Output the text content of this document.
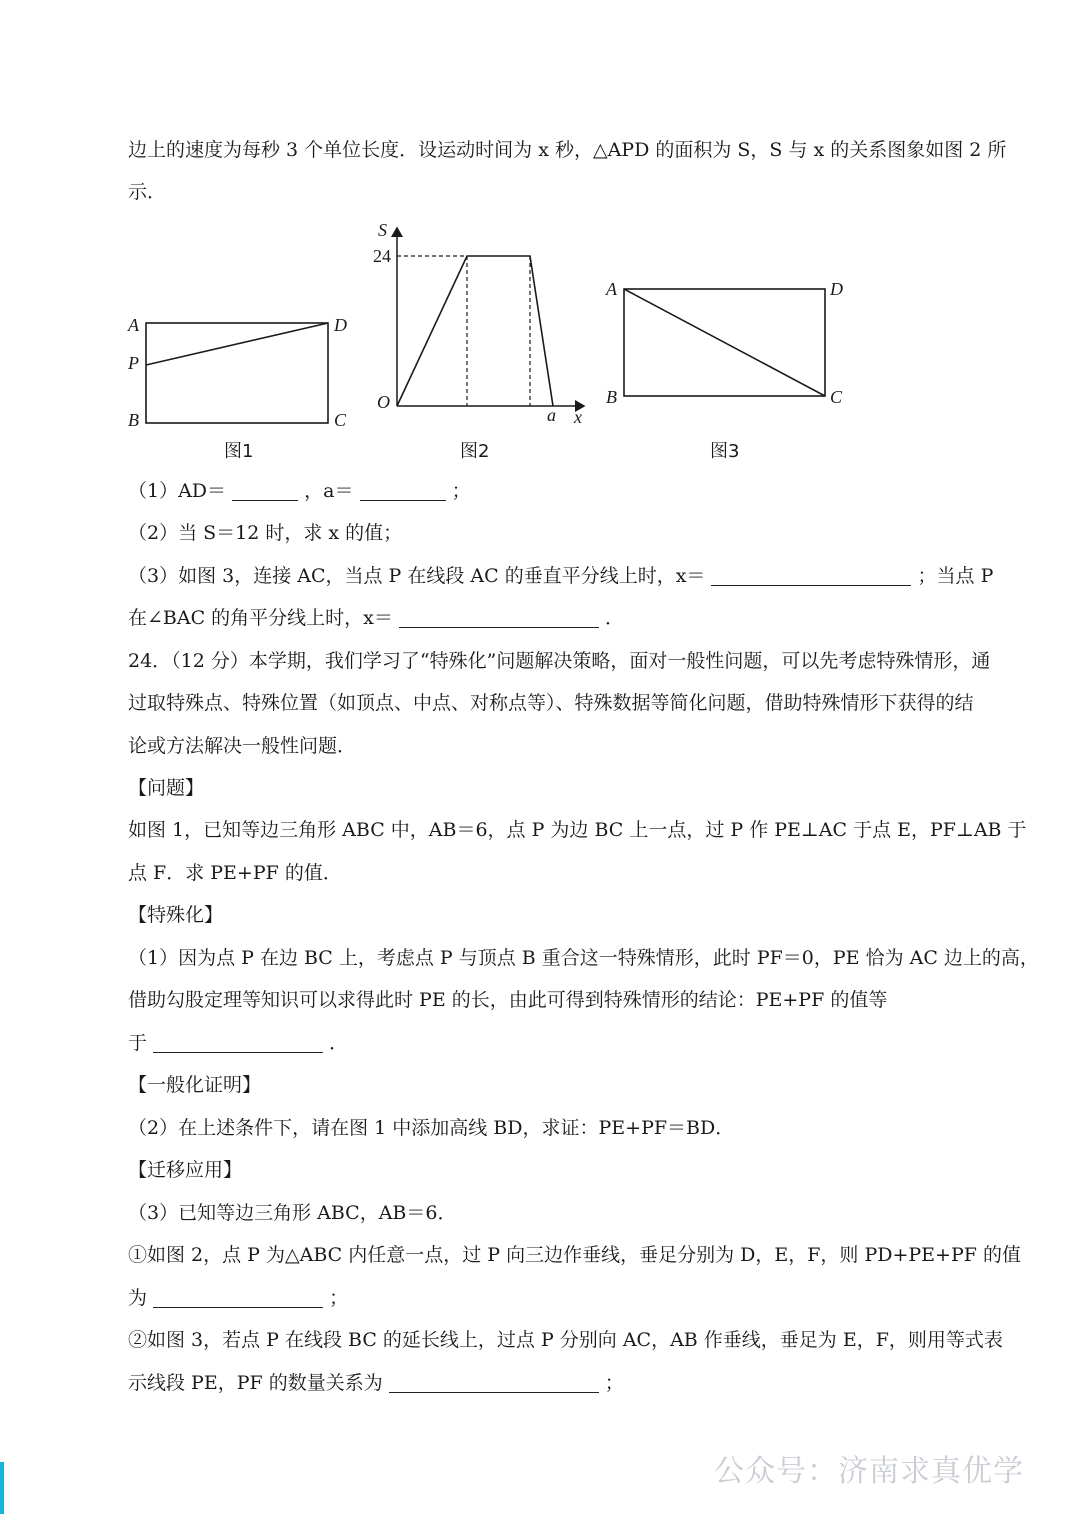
边上的速度为每秒 3 个单位长度．设运动时间为 x 秒，△APD 的面积为 S，S 与 x 的关系图象如图 2 所

示．

A	D
P
B	C
S
24
O
a x
A	D
B	C
图1	图2	图3

（1）AD＝	，a＝	；

（2）当 S＝12 时，求 x 的值；

（3）如图 3，连接 AC，当点 P 在线段 AC 的垂直平分线上时，x＝	；当点 P

在∠BAC 的角平分线上时，x＝	．

24．（12 分）本学期，我们学习了“特殊化”问题解决策略，面对一般性问题，可以先考虑特殊情形，通

过取特殊点、特殊位置（如顶点、中点、对称点等）、特殊数据等简化问题，借助特殊情形下获得的结

论或方法解决一般性问题．

【问题】

如图 1，已知等边三角形 ABC 中，AB＝6，点 P 为边 BC 上一点，过 P 作 PE⊥AC 于点 E，PF⊥AB 于

点 F．求 PE+PF 的值．

【特殊化】

（1）因为点 P 在边 BC 上，考虑点 P 与顶点 B 重合这一特殊情形，此时 PF＝0，PE 恰为 AC 边上的高，

借助勾股定理等知识可以求得此时 PE 的长，由此可得到特殊情形的结论：PE+PF 的值等

于	．

【一般化证明】

（2）在上述条件下，请在图 1 中添加高线 BD，求证：PE+PF＝BD．

【迁移应用】

（3）已知等边三角形 ABC，AB＝6．

①如图 2，点 P 为△ABC 内任意一点，过 P 向三边作垂线，垂足分别为 D，E，F，则 PD+PE+PF 的值

为	；

②如图 3，若点 P 在线段 BC 的延长线上，过点 P 分别向 AC，AB 作垂线，垂足为 E，F，则用等式表

示线段 PE，PF 的数量关系为	；

公众号：济南求真优学
